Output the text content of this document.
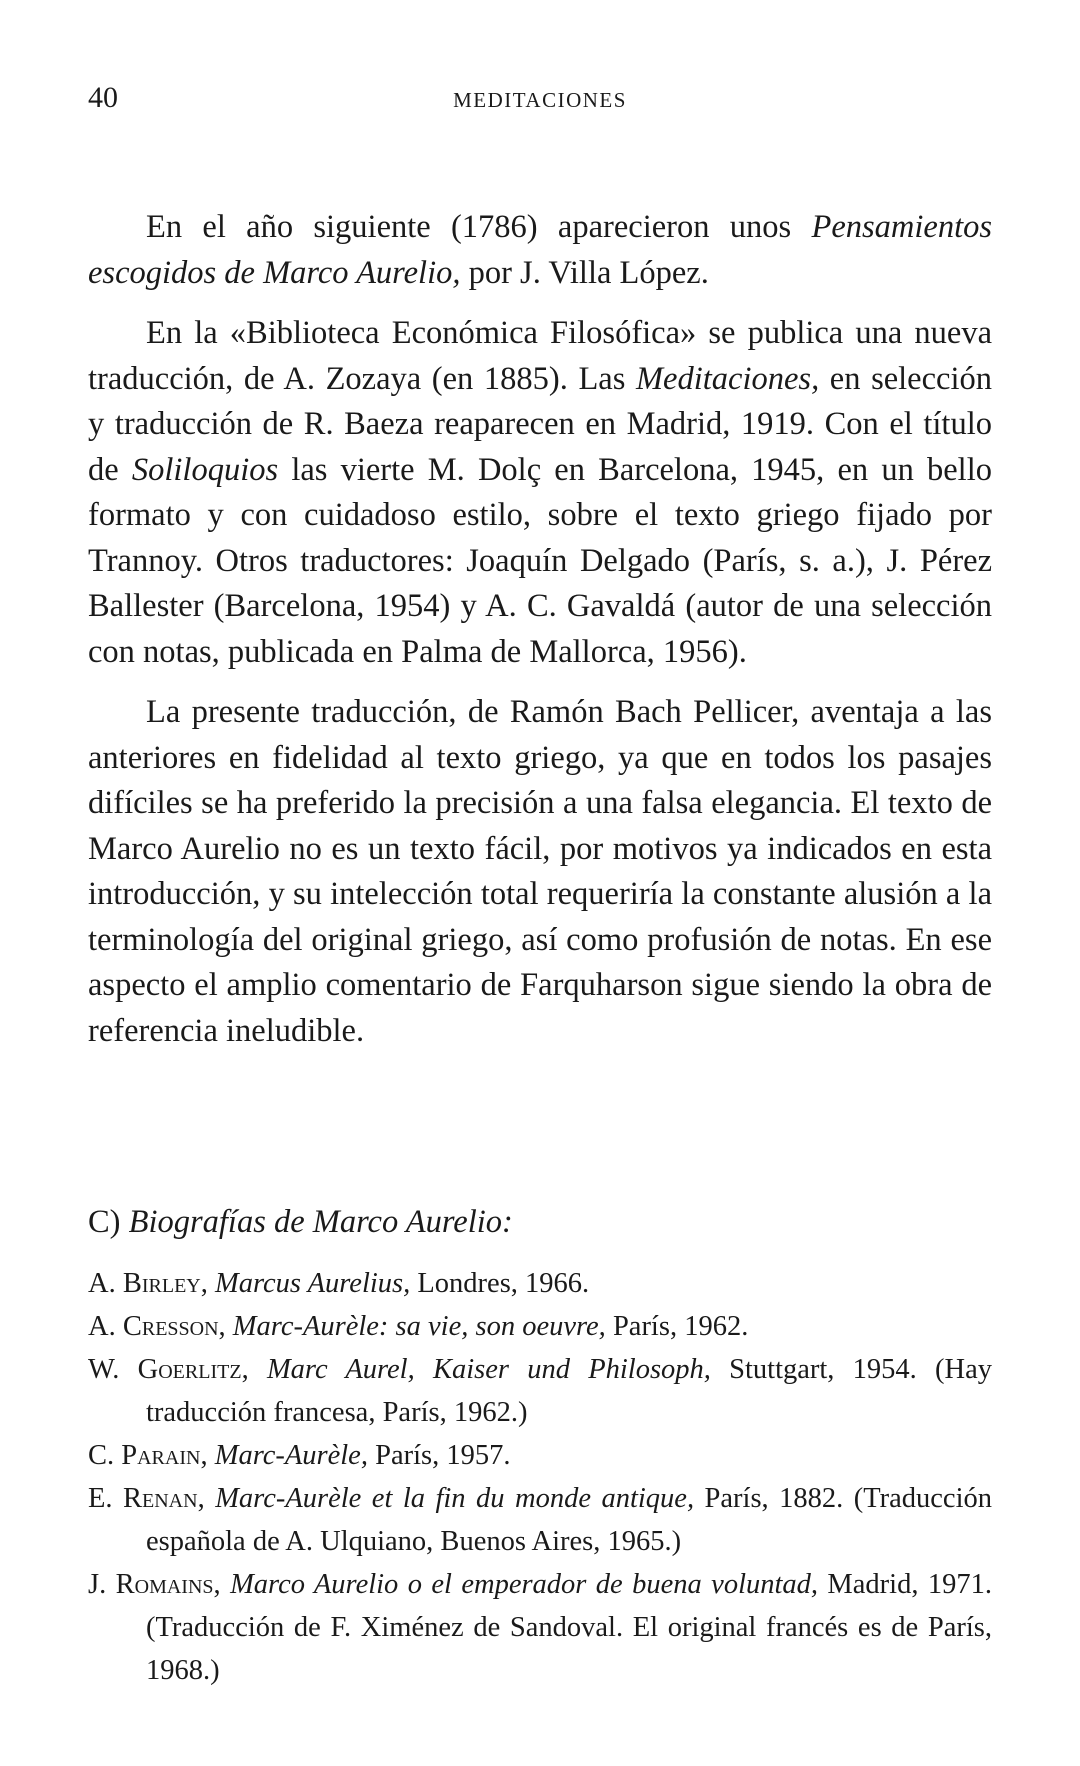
40	MEDITACIONES

En el año siguiente (1786) aparecieron unos Pensamientos escogidos de Marco Aurelio, por J. Villa López.

En la «Biblioteca Económica Filosófica» se publica una nueva traducción, de A. Zozaya (en 1885). Las Meditaciones, en selección y traducción de R. Baeza reaparecen en Madrid, 1919. Con el título de Soliloquios las vierte M. Dolç en Barcelona, 1945, en un bello formato y con cuidadoso estilo, sobre el texto griego fijado por Trannoy. Otros traductores: Joaquín Delgado (París, s. a.), J. Pérez Ballester (Barcelona, 1954) y A. C. Gavaldá (autor de una selección con notas, publicada en Palma de Mallorca, 1956).

La presente traducción, de Ramón Bach Pellicer, aventaja a las anteriores en fidelidad al texto griego, ya que en todos los pasajes difíciles se ha preferido la precisión a una falsa elegancia. El texto de Marco Aurelio no es un texto fácil, por motivos ya indicados en esta introducción, y su intelección total requeriría la constante alusión a la terminología del original griego, así como profusión de notas. En ese aspecto el amplio comentario de Farquharson sigue siendo la obra de referencia ineludible.

C) Biografías de Marco Aurelio:
A. Birley, Marcus Aurelius, Londres, 1966.
A. Cresson, Marc-Aurèle: sa vie, son oeuvre, París, 1962.
W. Goerlitz, Marc Aurel, Kaiser und Philosoph, Stuttgart, 1954. (Hay traducción francesa, París, 1962.)
C. Parain, Marc-Aurèle, París, 1957.
E. Renan, Marc-Aurèle et la fin du monde antique, París, 1882. (Traducción española de A. Ulquiano, Buenos Aires, 1965.)
J. Romains, Marco Aurelio o el emperador de buena voluntad, Madrid, 1971. (Traducción de F. Ximénez de Sandoval. El original francés es de París, 1968.)
